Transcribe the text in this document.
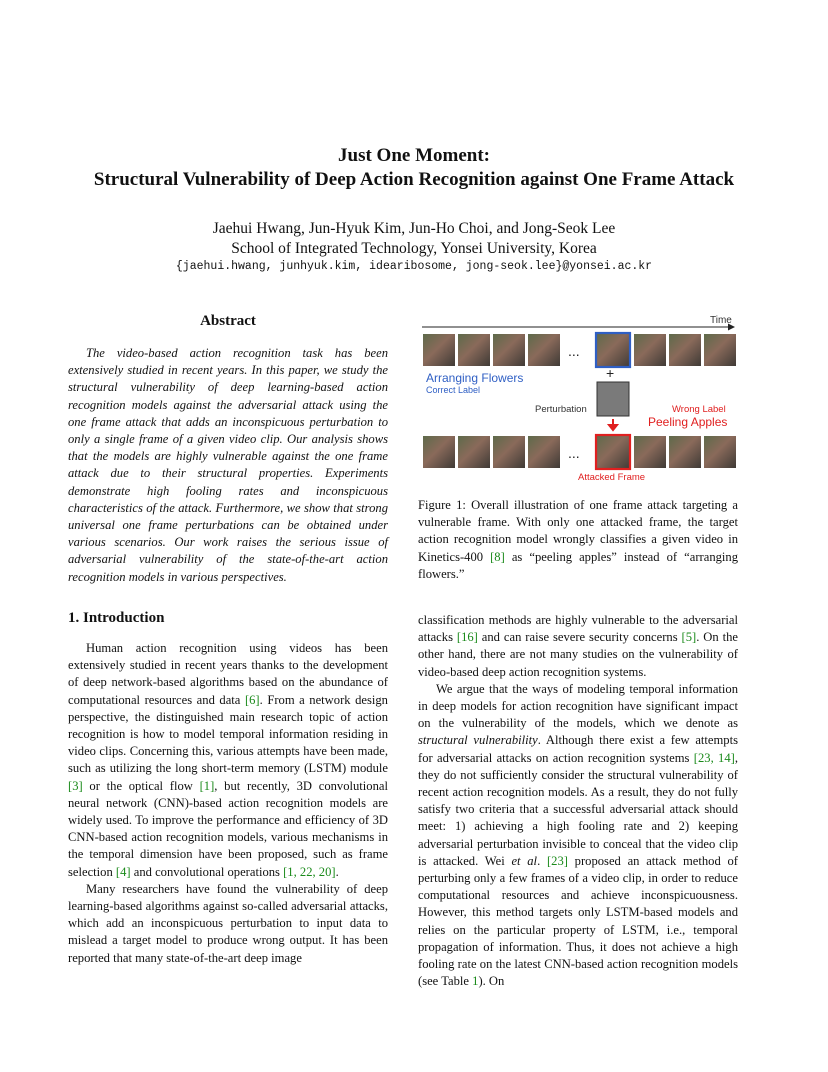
Just One Moment:
Structural Vulnerability of Deep Action Recognition against One Frame Attack
Jaehui Hwang, Jun-Hyuk Kim, Jun-Ho Choi, and Jong-Seok Lee
School of Integrated Technology, Yonsei University, Korea
{jaehui.hwang, junhyuk.kim, idearibosome, jong-seok.lee}@yonsei.ac.kr
Abstract

The video-based action recognition task has been extensively studied in recent years. In this paper, we study the structural vulnerability of deep learning-based action recognition models against the adversarial attack using the one frame attack that adds an inconspicuous perturbation to only a single frame of a given video clip. Our analysis shows that the models are highly vulnerable against the one frame attack due to their structural properties. Experiments demonstrate high fooling rates and inconspicuous characteristics of the attack. Furthermore, we show that strong universal one frame perturbations can be obtained under various scenarios. Our work raises the serious issue of adversarial vulnerability of the state-of-the-art action recognition models in various perspectives.

Time
...
Arranging Flowers
Correct Label
+
Perturbation	Wrong Label
Peeling Apples
...
Attacked Frame

Figure 1: Overall illustration of one frame attack targeting a vulnerable frame. With only one attacked frame, the target action recognition model wrongly classifies a given video in Kinetics-400 [8] as “peeling apples” instead of “arranging flowers.”

1. Introduction

Human action recognition using videos has been extensively studied in recent years thanks to the development of deep network-based algorithms based on the abundance of computational resources and data [6]. From a network design perspective, the distinguished main research topic of action recognition is how to model temporal information residing in video clips. Concerning this, various attempts have been made, such as utilizing the long short-term memory (LSTM) module [3] or the optical flow [1], but recently, 3D convolutional neural network (CNN)-based action recognition models are widely used. To improve the performance and efficiency of 3D CNN-based action recognition models, various mechanisms in the temporal dimension have been proposed, such as frame selection [4] and convolutional operations [1, 22, 20].

Many researchers have found the vulnerability of deep learning-based algorithms against so-called adversarial attacks, which add an inconspicuous perturbation to input data to mislead a target model to produce wrong output. It has been reported that many state-of-the-art deep image

classification methods are highly vulnerable to the adversarial attacks [16] and can raise severe security concerns [5]. On the other hand, there are not many studies on the vulnerability of video-based deep action recognition systems.

We argue that the ways of modeling temporal information in deep models for action recognition have significant impact on the vulnerability of the models, which we denote as structural vulnerability. Although there exist a few attempts for adversarial attacks on action recognition systems [23, 14], they do not sufficiently consider the structural vulnerability of recent action recognition models. As a result, they do not fully satisfy two criteria that a successful adversarial attack should meet: 1) achieving a high fooling rate and 2) keeping adversarial perturbation invisible to conceal that the video clip is attacked. Wei et al. [23] proposed an attack method of perturbing only a few frames of a video clip, in order to reduce computational resources and achieve inconspicuousness. However, this method targets only LSTM-based models and relies on the particular property of LSTM, i.e., temporal propagation of information. Thus, it does not achieve a high fooling rate on the latest CNN-based action recognition models (see Table 1). On
